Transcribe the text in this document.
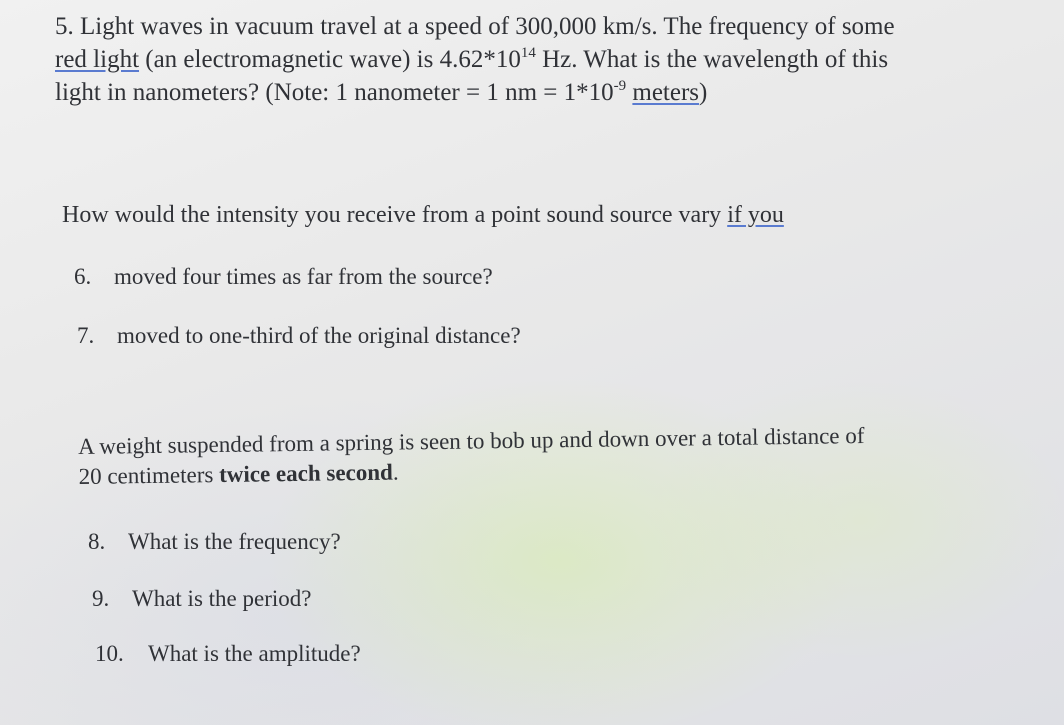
5. Light waves in vacuum travel at a speed of 300,000 km/s. The frequency of some
red light (an electromagnetic wave) is $4.62*10^{14}$ Hz. What is the wavelength of this
light in nanometers? (Note: 1 nanometer = 1 nm = $1*10^{-9}$ meters)
How would the intensity you receive from a point sound source vary if you
6. moved four times as far from the source?
7. moved to one-third of the original distance?
A weight suspended from a spring is seen to bob up and down over a total distance of
20 centimeters twice each second.
8. What is the frequency?
9. What is the period?
10. What is the amplitude?
